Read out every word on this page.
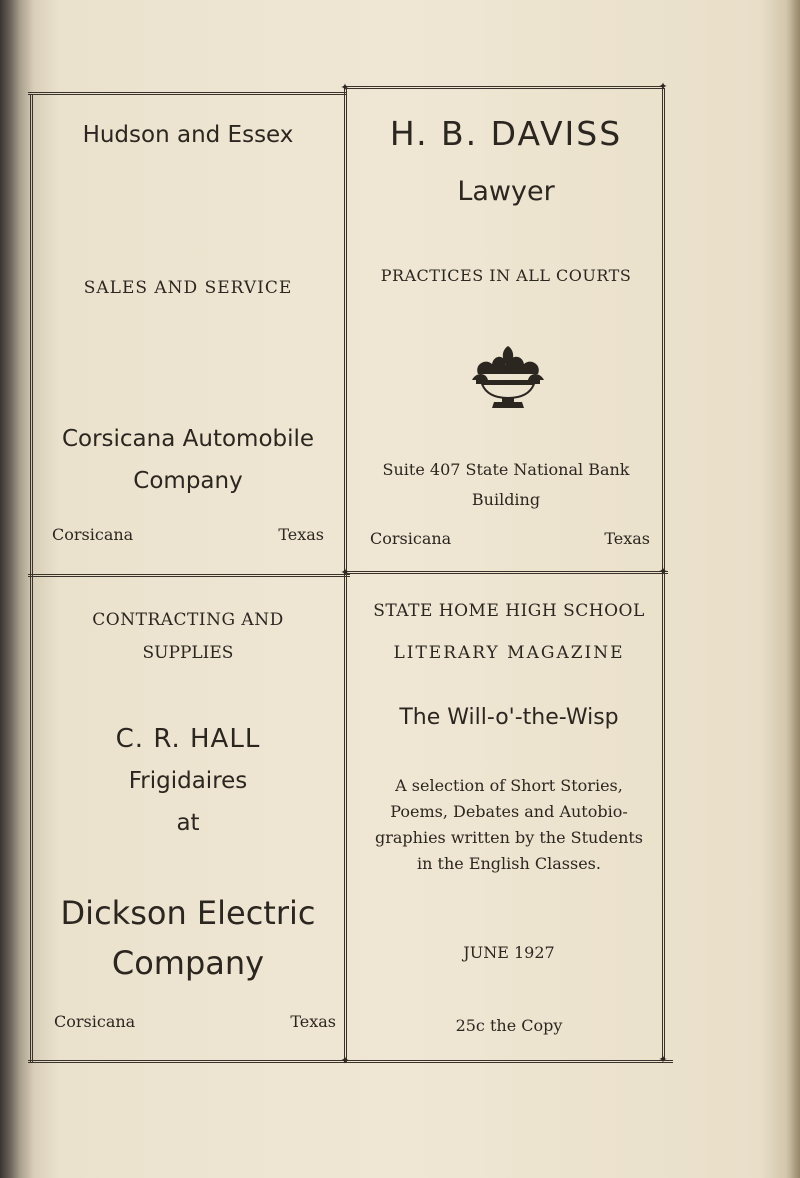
✦	✦
✦	✦
✦	✦
Hudson and Essex
SALES AND SERVICE
Corsicana Automobile
Company
Corsicana	Texas
H. B. DAVISS
Lawyer
PRACTICES IN ALL COURTS
Suite 407 State National Bank
Building
Corsicana	Texas
CONTRACTING AND
SUPPLIES
C. R. HALL
Frigidaires
at
Dickson Electric
Company
Corsicana	Texas
STATE HOME HIGH SCHOOL
LITERARY MAGAZINE
The Will-o'-the-Wisp
A selection of Short Stories,
Poems, Debates and Autobio-
graphies written by the Students
in the English Classes.
JUNE 1927
25c the Copy
